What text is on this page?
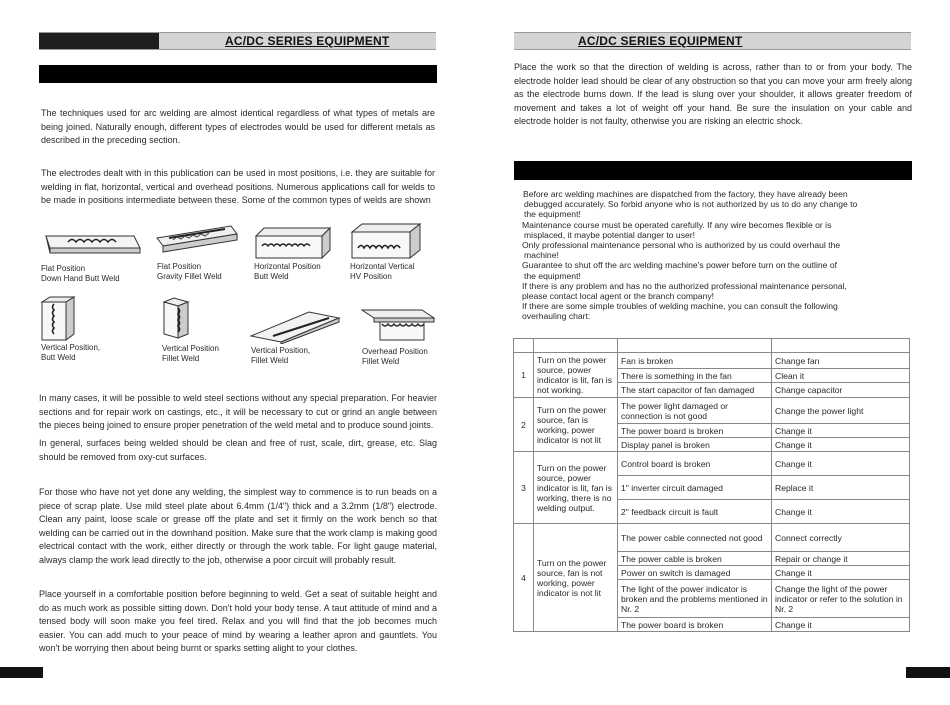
AC/DC SERIES EQUIPMENT

The techniques used for arc welding are almost identical regardless of what types of metals are being joined. Naturally enough, different types of electrodes would be used for different metals as described in the preceding section.

The electrodes dealt with in this publication can be used in most positions, i.e. they are suitable for welding in flat, horizontal, vertical and overhead positions. Numerous applications call for welds to be made in positions intermediate between these. Some of the common types of welds are shown

Flat Position
Down Hand Butt Weld
Flat Position
Gravity Fillet Weld
Horizontal Position
Butt Weld
Horizontal Vertical
HV Position
Vertical Position,
Butt Weld
Vertical Position
Fillet Weld
Vertical Position,
Fillet Weld
Overhead Position
Fillet Weld

In many cases, it will be possible to weld steel sections without any special preparation. For heavier sections and for repair work on castings, etc., it will be necessary to cut or grind an angle between the pieces being joined to ensure proper penetration of the weld metal and to produce sound joints.

In general, surfaces being welded should be clean and free of rust, scale, dirt, grease, etc. Slag should be removed from oxy-cut surfaces.

For those who have not yet done any welding, the simplest way to commence is to run beads on a piece of scrap plate. Use mild steel plate about 6.4mm (1/4") thick and a 3.2mm (1/8") electrode. Clean any paint, loose scale or grease off the plate and set it firmly on the work bench so that welding can be carried out in the downhand position. Make sure that the work clamp is making good electrical contact with the work, either directly or through the work table. For light gauge material, always clamp the work lead directly to the job, otherwise a poor circuit will probably result.

Place yourself in a comfortable position before beginning to weld. Get a seat of suitable height and do as much work as possible sitting down. Don't hold your body tense. A taut attitude of mind and a tensed body will soon make you feel tired. Relax and you will find that the job becomes much easier. You can add much to your peace of mind by wearing a leather apron and gauntlets. You won't be worrying then about being burnt or sparks setting alight to your clothes.

AC/DC SERIES EQUIPMENT

Place the work so that the direction of welding is across, rather than to or from your body. The electrode holder lead should be clear of any obstruction so that you can move your arm freely along as the electrode burns down. If the lead is slung over your shoulder, it allows greater freedom of movement and takes a lot of weight off your hand. Be sure the insulation on your cable and electrode holder is not faulty, otherwise you are risking an electric shock.

Before arc welding machines are dispatched from the factory, they have already been
debugged accurately. So forbid anyone who is not authorized by us to do any change to
the equipment!
Maintenance course must be operated carefully. If any wire becomes flexible or is
misplaced, it maybe potential danger to user!
Only professional maintenance personal who is authorized by us could overhaul the
machine!
Guarantee to shut off the arc welding machine’s power before turn on the outline of
the equipment!
If there is any problem and has no the authorized professional maintenance personal,
please contact local agent or the branch company!
If there are some simple troubles of welding machine, you can consult the following
overhauling chart:

1	Turn on the power source, power indicator is lit, fan is not working.	Fan is broken	Change fan
		There is something in the fan	Clean it
		The start capacitor of fan damaged	Change capacitor
2	Turn on the power source, fan is working, power indicator is not lit	The power light damaged or connection is not good	Change the power light
		The power board is broken	Change it
		Display panel is broken	Change it
3	Turn on the power source, power indicator is lit, fan is working, there is no welding output.	Control board is broken	Change it
		1" inverter circuit damaged	Replace it
		2" feedback circuit is fault	Change it
4	Turn on the power source, fan is not working, power indicator is not lit	The power cable connected not good	Connect correctly
		The power cable is broken	Repair or change it
		Power on switch is damaged	Change it
		The light of the power indicator is broken and the problems mentioned in Nr. 2	Change the light of the power indicator or refer to the solution in Nr. 2
		The power board is broken	Change it
